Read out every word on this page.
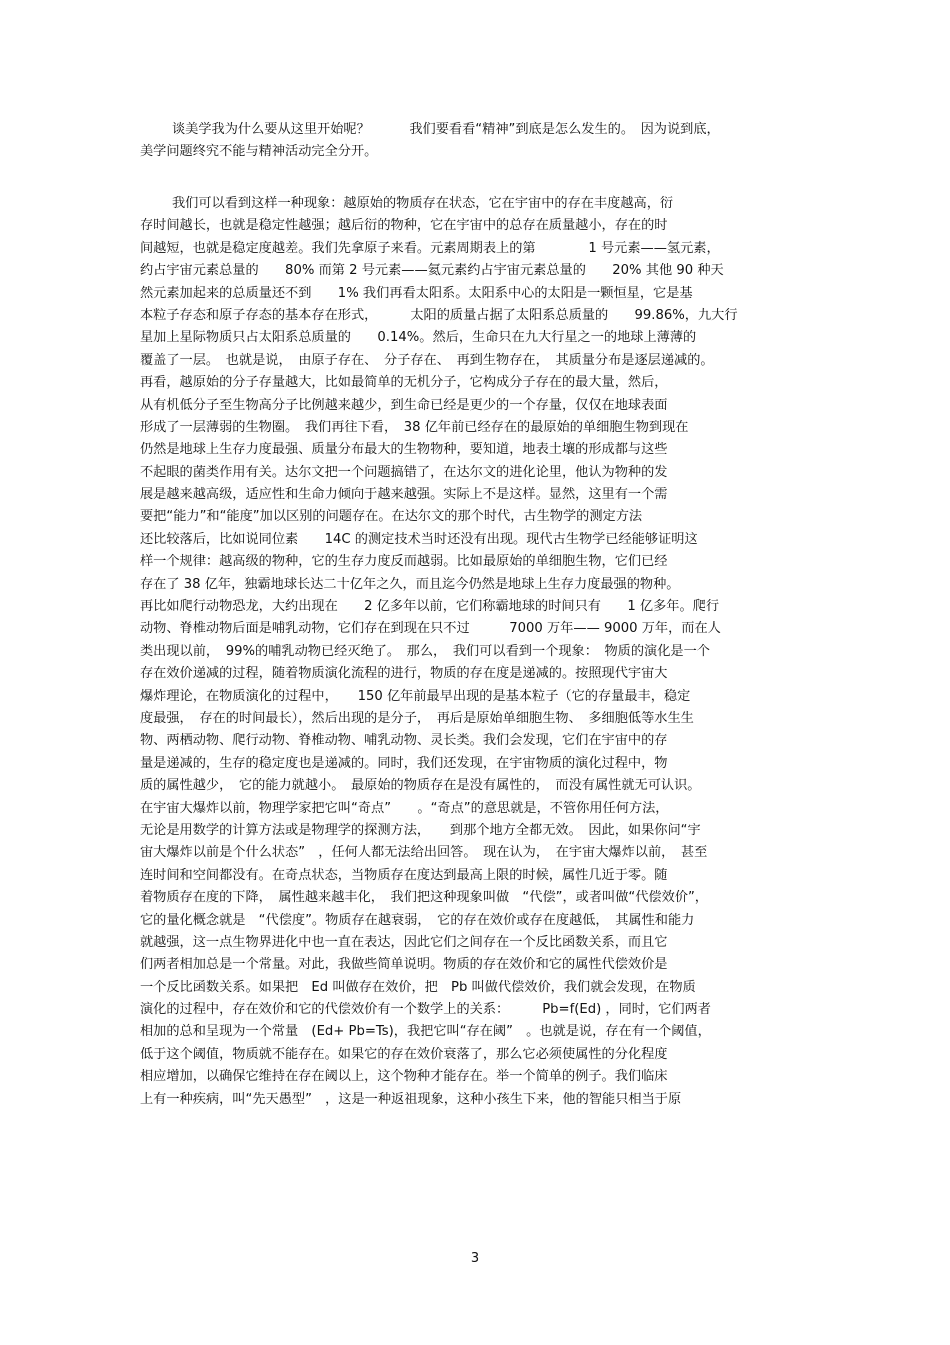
谈美学我为什么要从这里开始呢？　　　我们要看看“精神”到底是怎么发生的。　因为说到底，
美学问题终究不能与精神活动完全分开。
我们可以看到这样一种现象：越原始的物质存在状态，它在宇宙中的存在丰度越高，衍
存时间越长，也就是稳定性越强；越后衍的物种，它在宇宙中的总存在质量越小，存在的时
间越短，也就是稳定度越差。我们先拿原子来看。元素周期表上的第　　　　1 号元素——氢元素，
约占宇宙元素总量的　　80% 而第 2 号元素——氦元素约占宇宙元素总量的　　20% 其他 90 种天
然元素加起来的总质量还不到　　1% 我们再看太阳系。太阳系中心的太阳是一颗恒星，它是基
本粒子存态和原子存态的基本存在形式，　　　太阳的质量占据了太阳系总质量的　　99.86%，九大行
星加上星际物质只占太阳系总质量的　　0.14%。然后，生命只在九大行星之一的地球上薄薄的
覆盖了一层。　也就是说，　由原子存在、　分子存在、　再到生物存在，　其质量分布是逐层递减的。
再看，越原始的分子存量越大，比如最简单的无机分子，它构成分子存在的最大量，然后，
从有机低分子至生物高分子比例越来越少，到生命已经是更少的一个存量，仅仅在地球表面
形成了一层薄弱的生物圈。　我们再往下看，　38 亿年前已经存在的最原始的单细胞生物到现在
仍然是地球上生存力度最强、质量分布最大的生物物种，要知道，地表土壤的形成都与这些
不起眼的菌类作用有关。达尔文把一个问题搞错了，在达尔文的进化论里，他认为物种的发
展是越来越高级，适应性和生命力倾向于越来越强。实际上不是这样。显然，这里有一个需
要把“能力”和“能度”加以区别的问题存在。在达尔文的那个时代，古生物学的测定方法
还比较落后，比如说同位素　　14C 的测定技术当时还没有出现。现代古生物学已经能够证明这
样一个规律：越高级的物种，它的生存力度反而越弱。比如最原始的单细胞生物，它们已经
存在了 38 亿年，独霸地球长达二十亿年之久，而且迄今仍然是地球上生存力度最强的物种。
再比如爬行动物恐龙，大约出现在　　2 亿多年以前，它们称霸地球的时间只有　　1 亿多年。爬行
动物、脊椎动物后面是哺乳动物，它们存在到现在只不过　　　7000 万年—— 9000 万年，而在人
类出现以前，　99%的哺乳动物已经灭绝了。　那么，　我们可以看到一个现象：　物质的演化是一个
存在效价递减的过程，随着物质演化流程的进行，物质的存在度是递减的。按照现代宇宙大
爆炸理论，在物质演化的过程中，　　150 亿年前最早出现的是基本粒子（它的存量最丰，稳定
度最强，　存在的时间最长），然后出现的是分子，　再后是原始单细胞生物、　多细胞低等水生生
物、两栖动物、爬行动物、脊椎动物、哺乳动物、灵长类。我们会发现，它们在宇宙中的存
量是递减的，生存的稳定度也是递减的。同时，我们还发现，在宇宙物质的演化过程中，物
质的属性越少，　它的能力就越小。　最原始的物质存在是没有属性的，　而没有属性就无可认识。
在宇宙大爆炸以前，物理学家把它叫“奇点”　　。“奇点”的意思就是，不管你用任何方法，
无论是用数学的计算方法或是物理学的探测方法，　　到那个地方全都无效。　因此，如果你问“宇
宙大爆炸以前是个什么状态”　，任何人都无法给出回答。　现在认为，　在宇宙大爆炸以前，　甚至
连时间和空间都没有。在奇点状态，当物质存在度达到最高上限的时候，属性几近于零。随
着物质存在度的下降，　属性越来越丰化，　我们把这种现象叫做　“代偿”，或者叫做“代偿效价”，
它的量化概念就是　“代偿度”。物质存在越衰弱，　它的存在效价或存在度越低，　其属性和能力
就越强，这一点生物界进化中也一直在表达，因此它们之间存在一个反比函数关系，而且它
们两者相加总是一个常量。对此，我做些简单说明。物质的存在效价和它的属性代偿效价是
一个反比函数关系。如果把　Ed 叫做存在效价，把　Pb 叫做代偿效价，我们就会发现，在物质
演化的过程中，存在效价和它的代偿效价有一个数学上的关系：　　　Pb=f(Ed) ，同时，它们两者
相加的总和呈现为一个常量　(Ed+ Pb=Ts)，我把它叫“存在阈”　。也就是说，存在有一个阈值，
低于这个阈值，物质就不能存在。如果它的存在效价衰落了，那么它必须使属性的分化程度
相应增加，以确保它维持在存在阈以上，这个物种才能存在。举一个简单的例子。我们临床
上有一种疾病，叫“先天愚型”　，这是一种返祖现象，这种小孩生下来，他的智能只相当于原
3
